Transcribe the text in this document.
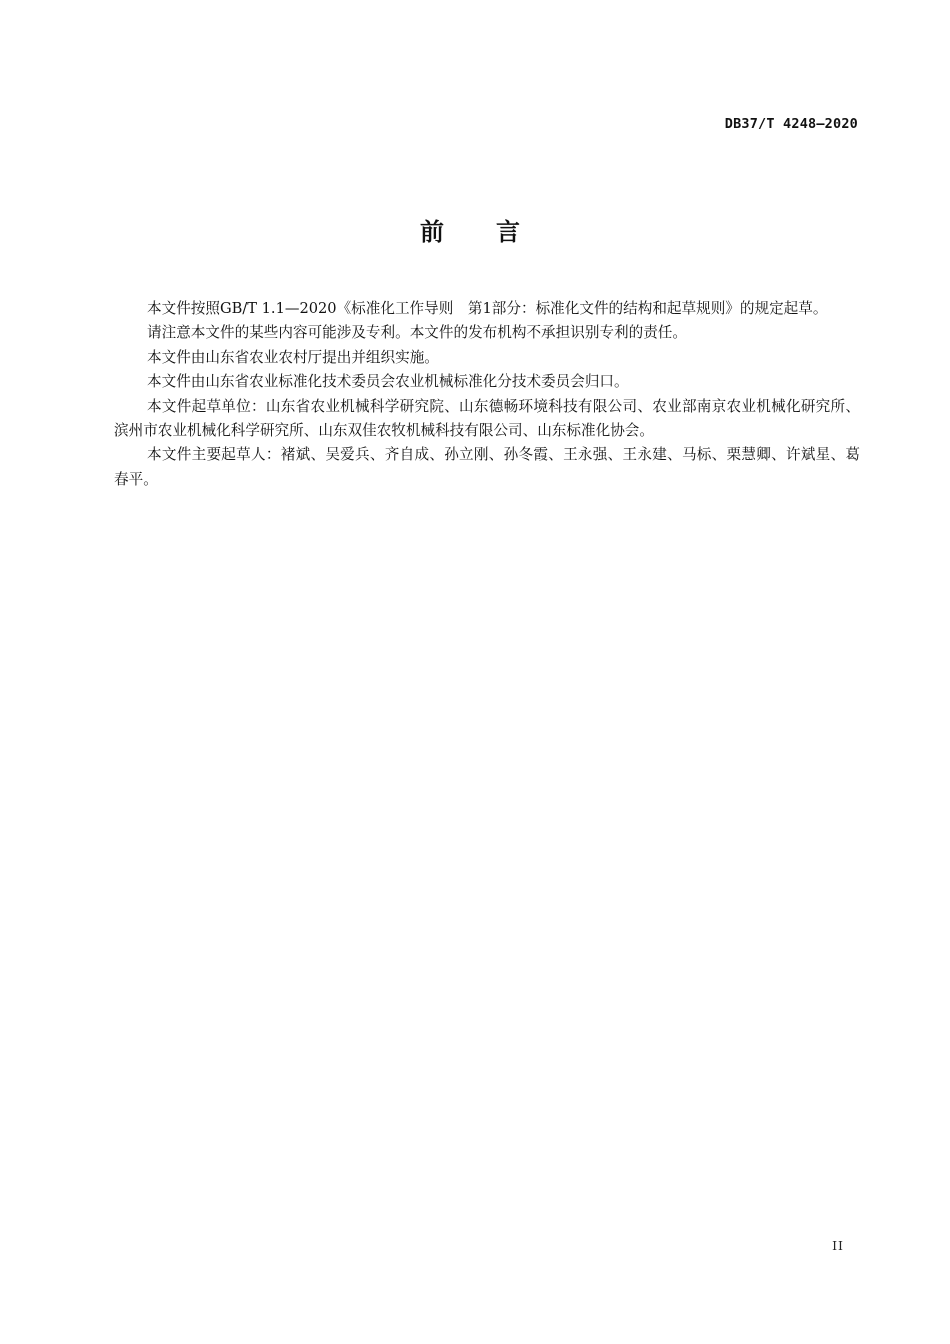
DB37/T 4248—2020
前言

本文件按照GB/T 1.1—2020《标准化工作导则　第1部分：标准化文件的结构和起草规则》的规定起草。

请注意本文件的某些内容可能涉及专利。本文件的发布机构不承担识别专利的责任。

本文件由山东省农业农村厅提出并组织实施。

本文件由山东省农业标准化技术委员会农业机械标准化分技术委员会归口。

本文件起草单位：山东省农业机械科学研究院、山东德畅环境科技有限公司、农业部南京农业机械化研究所、滨州市农业机械化科学研究所、山东双佳农牧机械科技有限公司、山东标准化协会。

本文件主要起草人：褚斌、吴爱兵、齐自成、孙立刚、孙冬霞、王永强、王永建、马标、栗慧卿、许斌星、葛春平。

II
